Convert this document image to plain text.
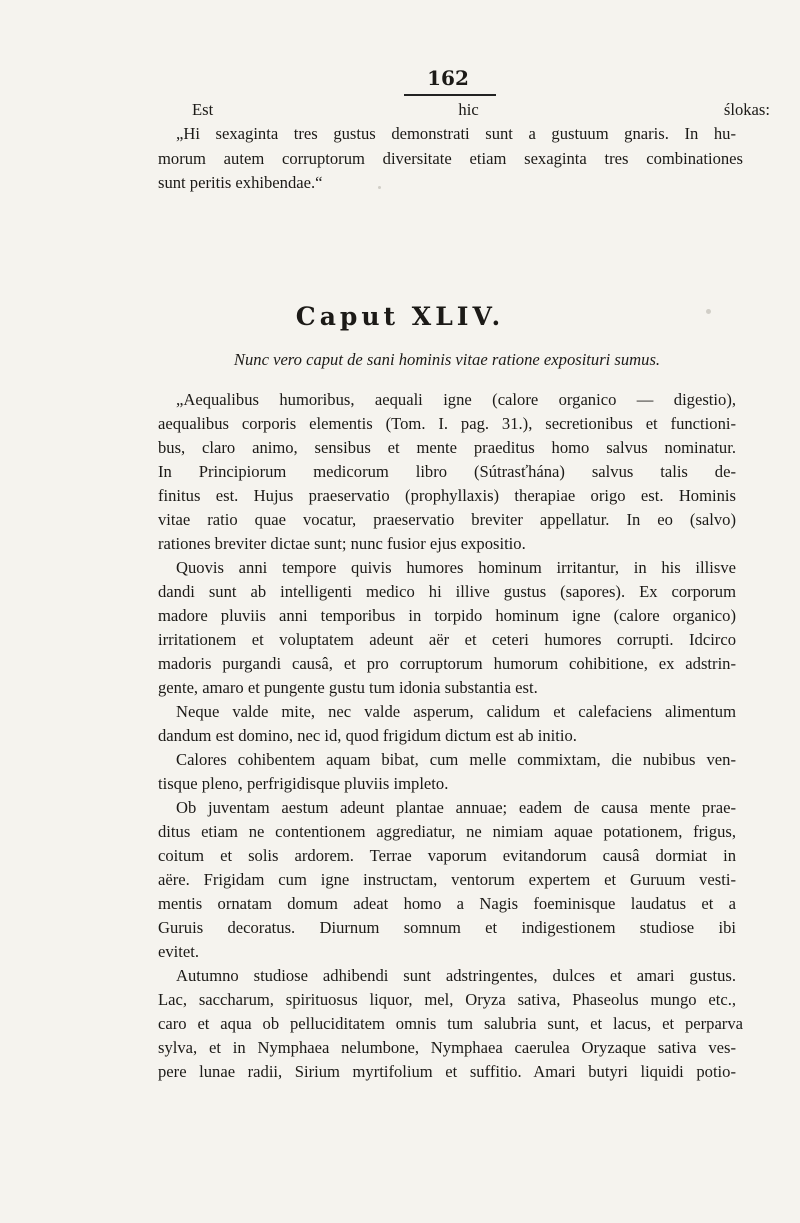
162
Est hic ślokas:
„Hi sexaginta tres gustus demonstrati sunt a gustuum gnaris. In hu-
morum autem corruptorum diversitate etiam sexaginta tres combinationes
sunt peritis exhibendae.“
Caput XLIV.
Nunc vero caput de sani hominis vitae ratione exposituri sumus.
„Aequalibus humoribus, aequali igne (calore organico — digestio),
aequalibus corporis elementis (Tom. I. pag. 31.), secretionibus et functioni-
bus, claro animo, sensibus et mente praeditus homo salvus nominatur.
In Principiorum medicorum libro (Sútrasťhána) salvus talis de-
finitus est. Hujus praeservatio (prophyllaxis) therapiae origo est. Hominis
vitae ratio quae vocatur, praeservatio breviter appellatur. In eo (salvo)
rationes breviter dictae sunt; nunc fusior ejus expositio.
Quovis anni tempore quivis humores hominum irritantur, in his illisve
dandi sunt ab intelligenti medico hi illive gustus (sapores). Ex corporum
madore pluviis anni temporibus in torpido hominum igne (calore organico)
irritationem et voluptatem adeunt aër et ceteri humores corrupti. Idcirco
madoris purgandi causâ, et pro corruptorum humorum cohibitione, ex adstrin-
gente, amaro et pungente gustu tum idonia substantia est.
Neque valde mite, nec valde asperum, calidum et calefaciens alimentum
dandum est domino, nec id, quod frigidum dictum est ab initio.
Calores cohibentem aquam bibat, cum melle commixtam, die nubibus ven-
tisque pleno, perfrigidisque pluviis impleto.
Ob juventam aestum adeunt plantae annuae; eadem de causa mente prae-
ditus etiam ne contentionem aggrediatur, ne nimiam aquae potationem, frigus,
coitum et solis ardorem. Terrae vaporum evitandorum causâ dormiat in
aëre. Frigidam cum igne instructam, ventorum expertem et Guruum vesti-
mentis ornatam domum adeat homo a Nagis foeminisque laudatus et a
Guruis decoratus. Diurnum somnum et indigestionem studiose ibi
evitet.
Autumno studiose adhibendi sunt adstringentes, dulces et amari gustus.
Lac, saccharum, spirituosus liquor, mel, Oryza sativa, Phaseolus mungo etc.,
caro et aqua ob pelluciditatem omnis tum salubria sunt, et lacus, et perparva
sylva, et in Nymphaea nelumbone, Nymphaea caerulea Oryzaque sativa ves-
pere lunae radii, Sirium myrtifolium et suffitio. Amari butyri liquidi potio-
